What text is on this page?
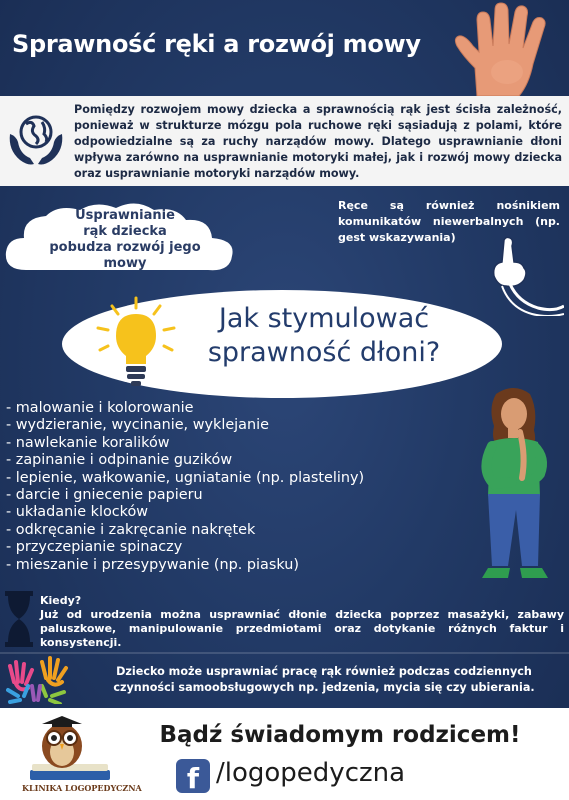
Sprawność ręki a rozwój mowy
Pomiędzy rozwojem mowy dziecka a sprawnością rąk jest ścisła zależność, ponieważ w strukturze mózgu pola ruchowe ręki sąsiadują z polami, które odpowiedzialne są za ruchy narządów mowy. Dlatego usprawnianie dłoni wpływa zarówno na usprawnianie motoryki małej, jak i rozwój mowy dziecka oraz usprawnianie motoryki narządów mowy.
Usprawnianie
rąk dziecka
pobudza rozwój jego mowy
Ręce są również nośnikiem komunikatów niewerbalnych (np. gest wskazywania)
Jak stymulować
sprawność dłoni?
- malowanie i kolorowanie
- wydzieranie, wycinanie, wyklejanie
- nawlekanie koralików
- zapinanie i odpinanie guzików
- lepienie, wałkowanie, ugniatanie (np. plasteliny)
- darcie i gniecenie papieru
- układanie klocków
- odkręcanie i zakręcanie nakrętek
- przyczepianie spinaczy
- mieszanie i przesypywanie (np. piasku)
Kiedy?
Już od urodzenia można usprawniać dłonie dziecka poprzez masażyki, zabawy paluszkowe, manipulowanie przedmiotami oraz dotykanie różnych faktur i konsystencji.
Dziecko może usprawniać pracę rąk również podczas codziennych czynności samoobsługowych np. jedzenia, mycia się czy ubierania.
KLINIKA LOGOPEDYCZNA
Bądź świadomym rodzicem!
f /logopedyczna
